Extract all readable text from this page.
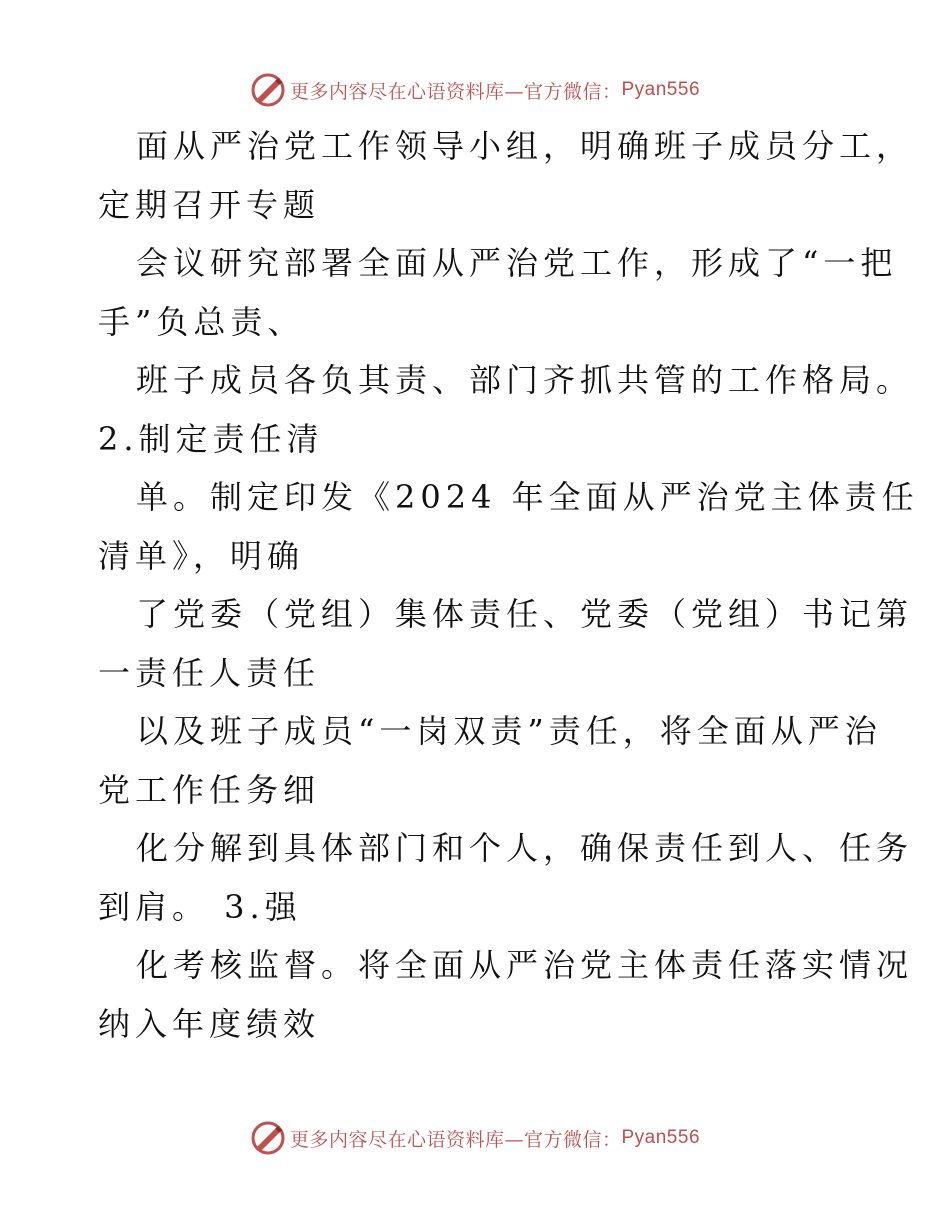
更多内容尽在心语资料库—官方微信： Pyan556
面从严治党工作领导小组，明确班子成员分工，
定期召开专题
会议研究部署全面从严治党工作，形成了“一把
手”负总责、
班子成员各负其责、部门齐抓共管的工作格局。
2.制定责任清
单。制定印发《2024 年全面从严治党主体责任
清单》，明确
了党委（党组）集体责任、党委（党组）书记第
一责任人责任
以及班子成员“一岗双责”责任，将全面从严治
党工作任务细
化分解到具体部门和个人，确保责任到人、任务
到肩。 3.强
化考核监督。将全面从严治党主体责任落实情况
纳入年度绩效
更多内容尽在心语资料库—官方微信： Pyan556
